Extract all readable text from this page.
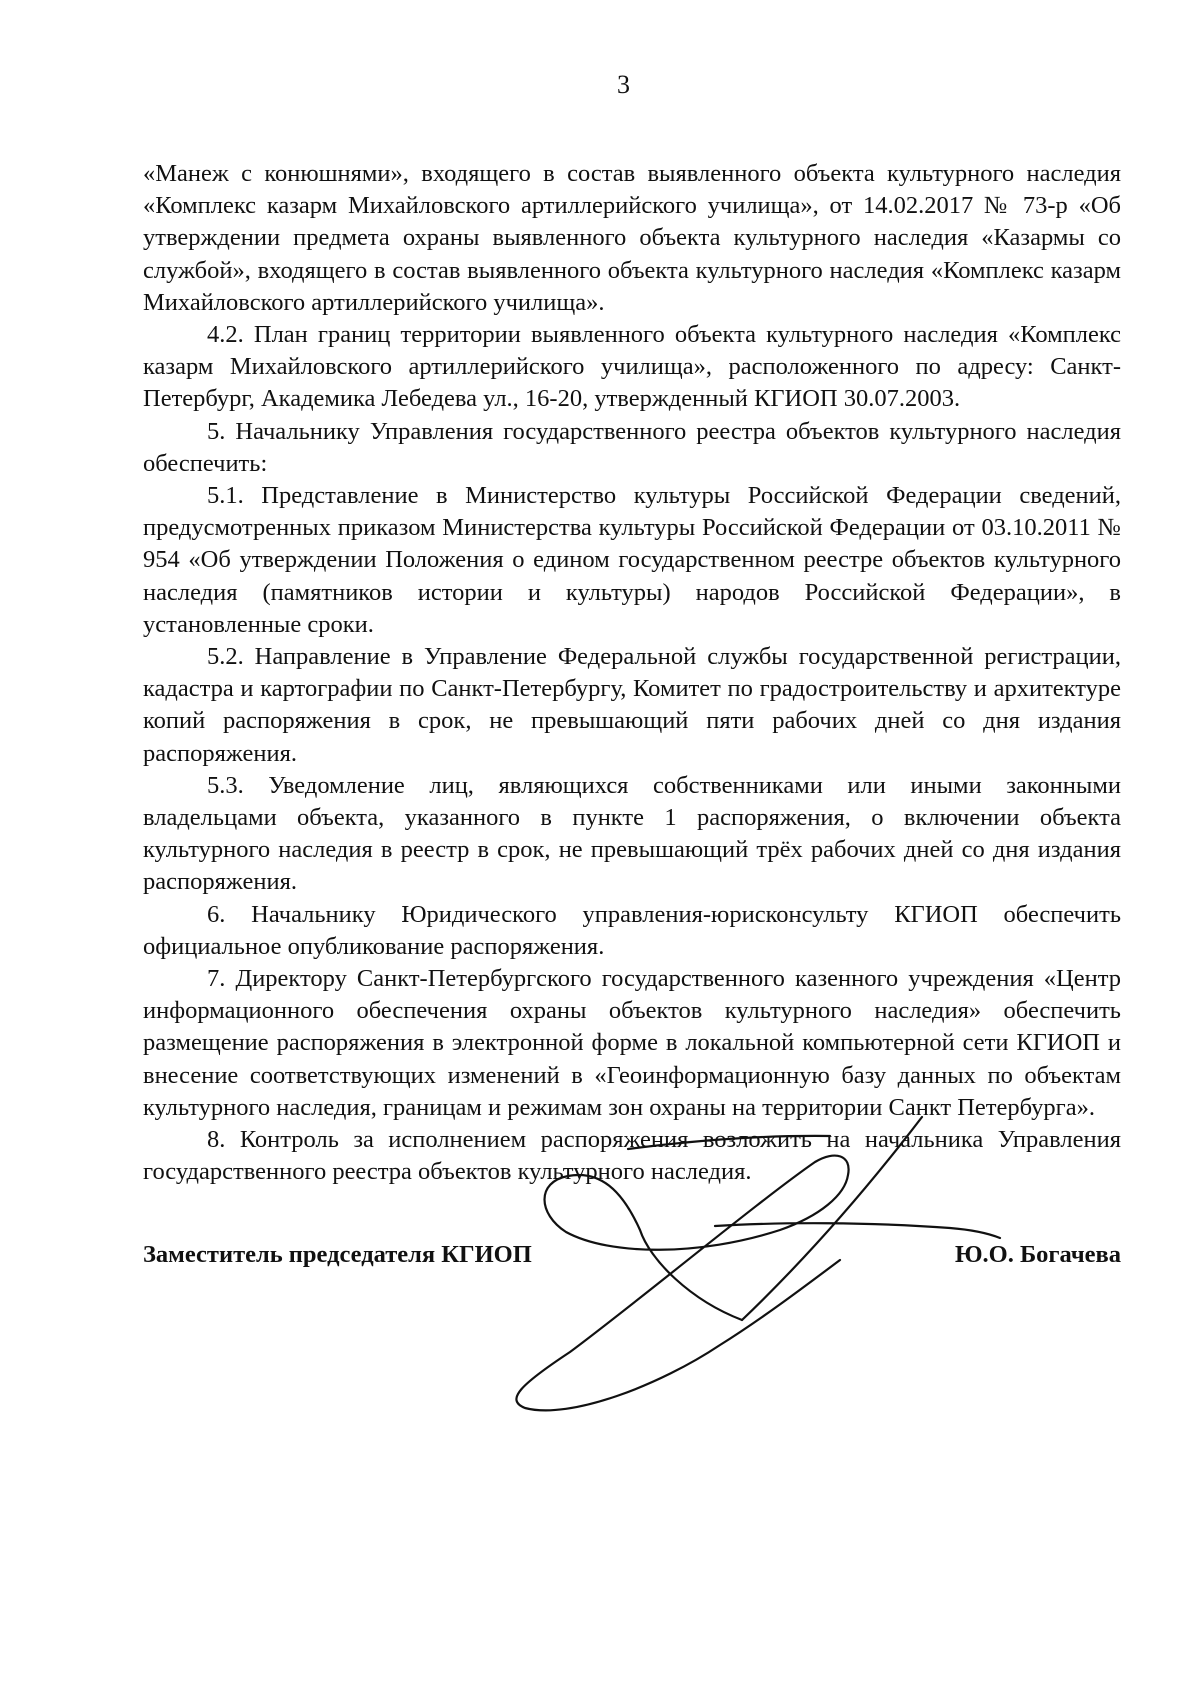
3

«Манеж с конюшнями», входящего в состав выявленного объекта культурного наследия «Комплекс казарм Михайловского артиллерийского училища», от 14.02.2017 № 73-р «Об утверждении предмета охраны выявленного объекта культурного наследия «Казармы со службой», входящего в состав выявленного объекта культурного наследия «Комплекс казарм Михайловского артиллерийского училища».

4.2. План границ территории выявленного объекта культурного наследия «Комплекс казарм Михайловского артиллерийского училища», расположенного по адресу: Санкт-Петербург, Академика Лебедева ул., 16-20, утвержденный КГИОП 30.07.2003.

5. Начальнику Управления государственного реестра объектов культурного наследия обеспечить:

5.1. Представление в Министерство культуры Российской Федерации сведений, предусмотренных приказом Министерства культуры Российской Федерации от 03.10.2011 № 954 «Об утверждении Положения о едином государственном реестре объектов культурного наследия (памятников истории и культуры) народов Российской Федерации», в установленные сроки.

5.2. Направление в Управление Федеральной службы государственной регистрации, кадастра и картографии по Санкт-Петербургу, Комитет по градостроительству и архитектуре копий распоряжения в срок, не превышающий пяти рабочих дней со дня издания распоряжения.

5.3. Уведомление лиц, являющихся собственниками или иными законными владельцами объекта, указанного в пункте 1 распоряжения, о включении объекта культурного наследия в реестр в срок, не превышающий трёх рабочих дней со дня издания распоряжения.

6. Начальнику Юридического управления-юрисконсульту КГИОП обеспечить официальное опубликование распоряжения.

7. Директору Санкт-Петербургского государственного казенного учреждения «Центр информационного обеспечения охраны объектов культурного наследия» обеспечить размещение распоряжения в электронной форме в локальной компьютерной сети КГИОП и внесение соответствующих изменений в «Геоинформационную базу данных по объектам культурного наследия, границам и режимам зон охраны на территории Санкт Петербурга».

8. Контроль за исполнением распоряжения возложить на начальника Управления государственного реестра объектов культурного наследия.

Заместитель председателя КГИОП	Ю.О. Богачева
